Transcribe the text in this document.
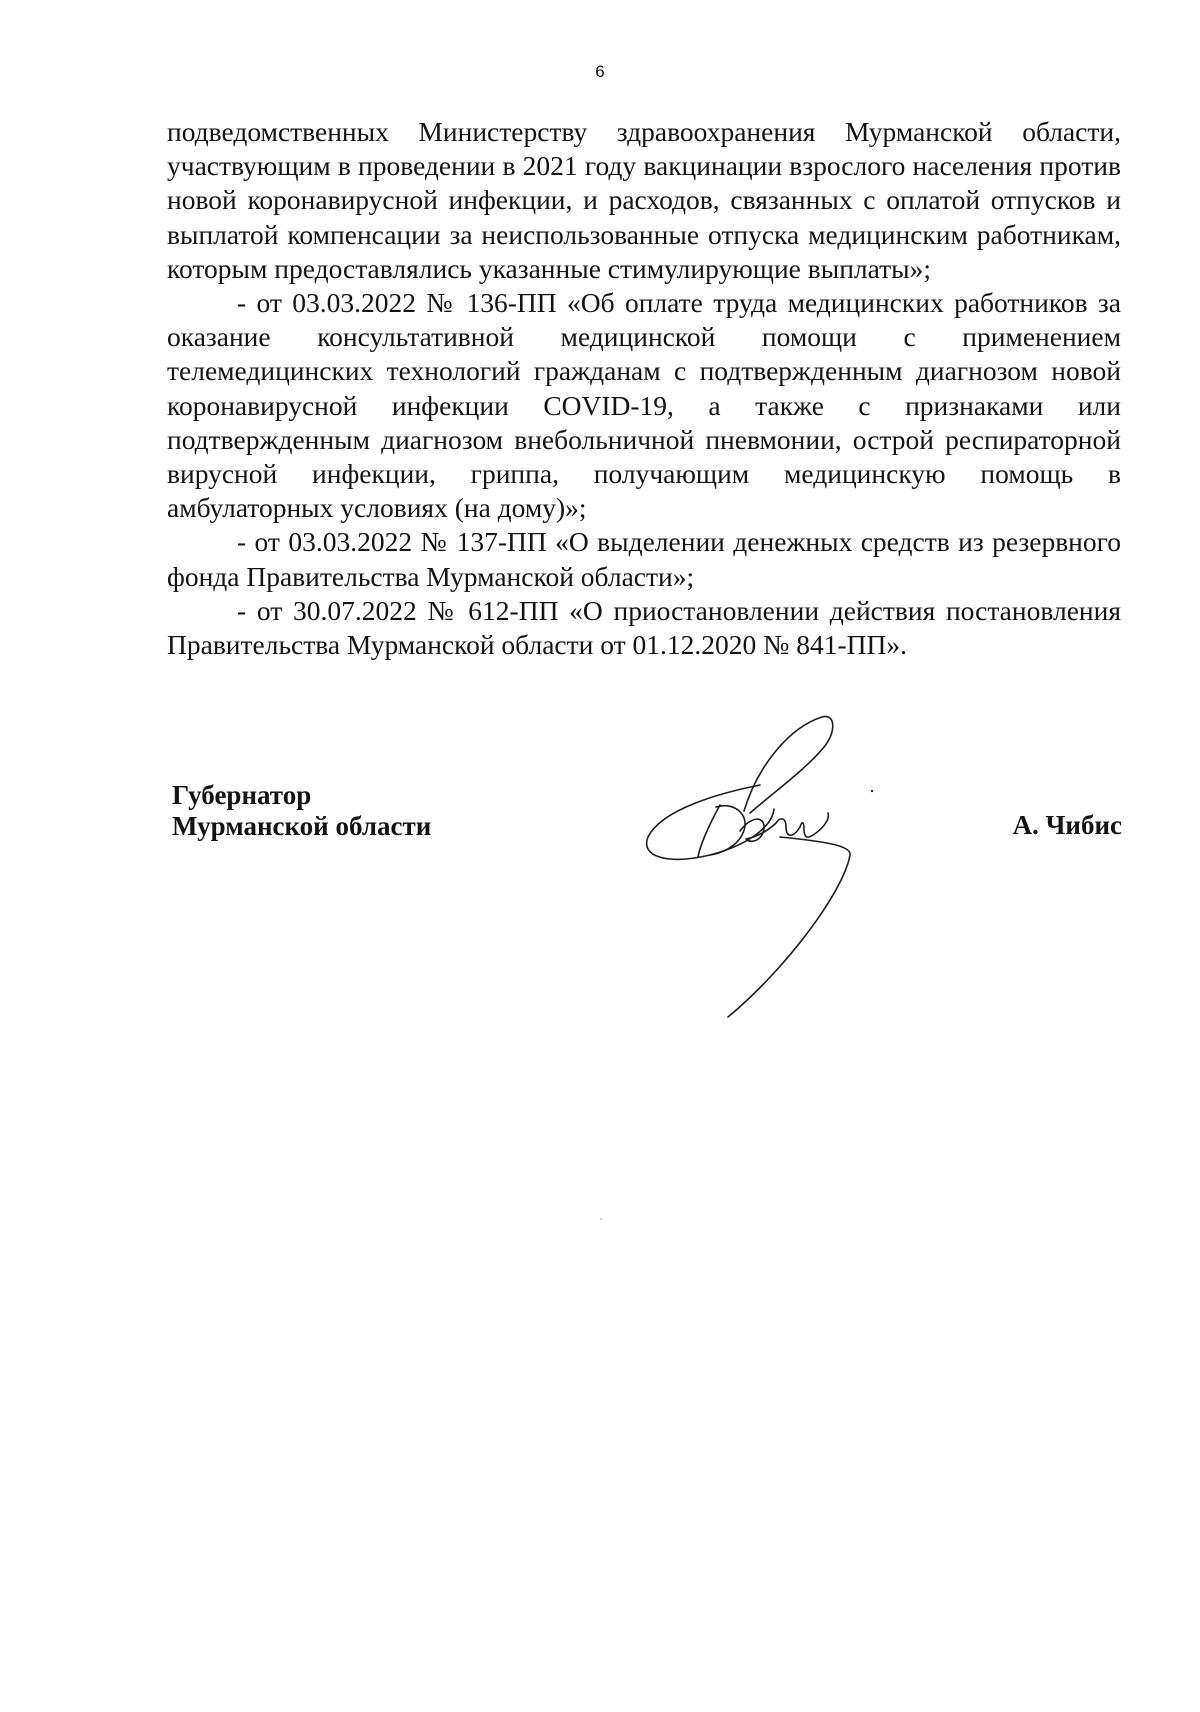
6

подведомственных Министерству здравоохранения Мурманской области, участвующим в проведении в 2021 году вакцинации взрослого населения против новой коронавирусной инфекции, и расходов, связанных с оплатой отпусков и выплатой компенсации за неиспользованные отпуска медицинским работникам, которым предоставлялись указанные стимулирующие выплаты»;

- от 03.03.2022 № 136-ПП «Об оплате труда медицинских работников за оказание консультативной медицинской помощи с применением телемедицинских технологий гражданам с подтвержденным диагнозом новой коронавирусной инфекции COVID-19, а также с признаками или подтвержденным диагнозом внебольничной пневмонии, острой респираторной вирусной инфекции, гриппа, получающим медицинскую помощь в амбулаторных условиях (на дому)»;

- от 03.03.2022 № 137-ПП «О выделении денежных средств из резервного фонда Правительства Мурманской области»;

- от 30.07.2022 № 612-ПП «О приостановлении действия постановления Правительства Мурманской области от 01.12.2020 № 841-ПП».

Губернатор
Мурманской области	А. Чибис
